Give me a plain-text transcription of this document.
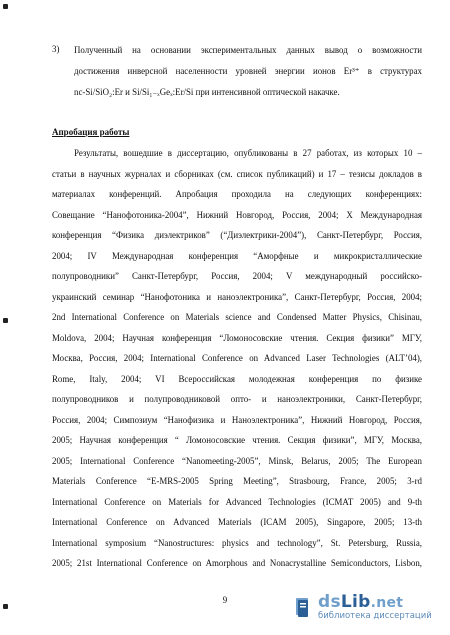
3)	Полученный на основании экспериментальных данных вывод о возможности
достижения инверсной населенности уровней энергии ионов Er³⁺ в структурах
nc-Si/SiO₂:Er и Si/Si₁₋ₓGeₓ:Er/Si при интенсивной оптической накачке.
Апробация работы
Результаты, вошедшие в диссертацию, опубликованы в 27 работах, из которых 10 –
статьи в научных журналах и сборниках (см. список публикаций) и 17 – тезисы докладов в
материалах конференций. Апробация проходила на следующих конференциях:
Совещание “Нанофотоника-2004”, Нижний Новгород, Россия, 2004; X Международная
конференция “Физика диэлектриков” (“Диэлектрики-2004”), Санкт-Петербург, Россия,
2004; IV Международная конференция “Аморфные и микрокристаллические
полупроводники” Санкт-Петербург, Россия, 2004; V международный российско-
украинский семинар “Нанофотоника и наноэлектроника”, Санкт-Петербург, Россия, 2004;
2nd International Conference on Materials science and Condensed Matter Physics, Chisinau,
Moldova, 2004; Научная конференция “Ломоносовские чтения. Секция физики” МГУ,
Москва, Россия, 2004; International Conference on Advanced Laser Technologies (ALT’04),
Rome, Italy, 2004; VI Всероссийская молодежная конференция по физике
полупроводников и полупроводниковой опто- и наноэлектроники, Санкт-Петербург,
Россия, 2004; Симпозиум “Нанофизика и Наноэлектроника”, Нижний Новгород, Россия,
2005; Научная конференция “ Ломоносовские чтения. Секция физики”, МГУ, Москва,
2005; International Conference “Nanomeeting-2005”, Minsk, Belarus, 2005; The European
Materials Conference “E-MRS-2005 Spring Meeting”, Strasbourg, France, 2005; 3-rd
International Conference on Materials for Advanced Technologies (ICMAT 2005) and 9-th
International Conference on Advanced Materials (ICAM 2005), Singapore, 2005; 13-th
International symposium “Nanostructures: physics and technology”, St. Petersburg, Russia,
2005; 21st International Conference on Amorphous and Nonacrystalline Semiconductors, Lisbon,
9	dsLib.net
библиотека диссертаций
